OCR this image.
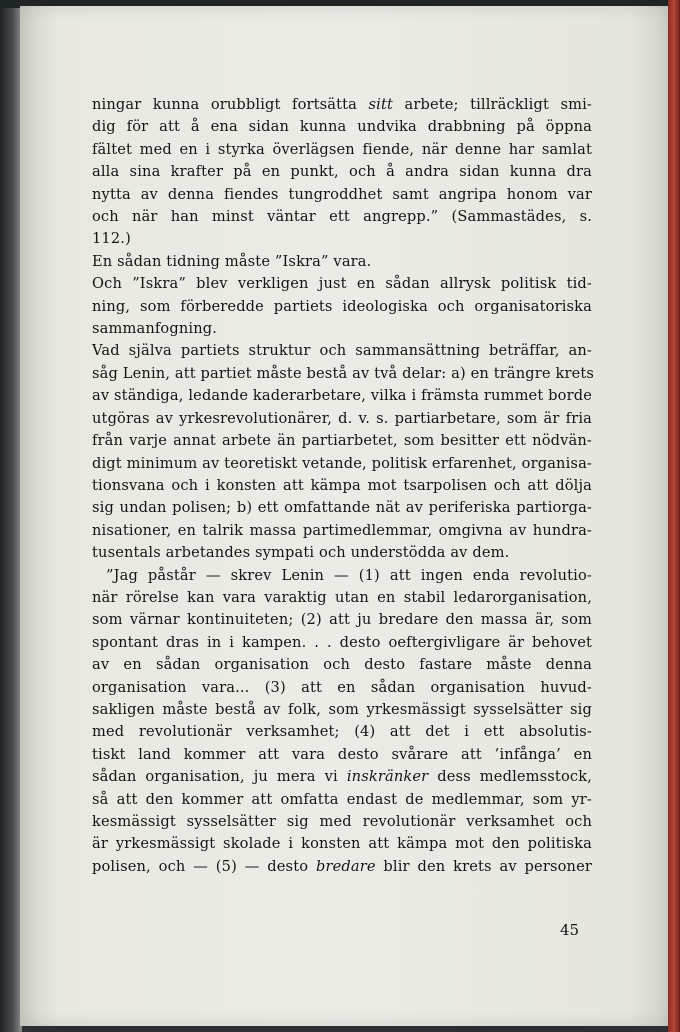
ningar kunna orubbligt fortsätta sitt arbete; tillräckligt smi-
dig för att å ena sidan kunna undvika drabbning på öppna
fältet med en i styrka överlägsen fiende, när denne har samlat
alla sina krafter på en punkt, och å andra sidan kunna dra
nytta av denna fiendes tungroddhet samt angripa honom var
och när han minst väntar ett angrepp.” (Sammastädes, s.
112.)
En sådan tidning måste ”Iskra” vara.
Och ”Iskra” blev verkligen just en sådan allrysk politisk tid-
ning, som förberedde partiets ideologiska och organisatoriska
sammanfogning.
Vad själva partiets struktur och sammansättning beträffar, an-
såg Lenin, att partiet måste bestå av två delar: a) en trängre krets
av ständiga, ledande kaderarbetare, vilka i främsta rummet borde
utgöras av yrkesrevolutionärer, d. v. s. partiarbetare, som är fria
från varje annat arbete än partiarbetet, som besitter ett nödvän-
digt minimum av teoretiskt vetande, politisk erfarenhet, organisa-
tionsvana och i konsten att kämpa mot tsarpolisen och att dölja
sig undan polisen; b) ett omfattande nät av periferiska partiorga-
nisationer, en talrik massa partimedlemmar, omgivna av hundra-
tusentals arbetandes sympati och understödda av dem.
”Jag påstår — skrev Lenin — (1) att ingen enda revolutio-
när rörelse kan vara varaktig utan en stabil ledarorganisation,
som värnar kontinuiteten; (2) att ju bredare den massa är, som
spontant dras in i kampen. . . desto oeftergivligare är behovet
av en sådan organisation och desto fastare måste denna
organisation vara... (3) att en sådan organisation huvud-
sakligen måste bestå av folk, som yrkesmässigt sysselsätter sig
med revolutionär verksamhet; (4) att det i ett absolutis-
tiskt land kommer att vara desto svårare att ’infånga’ en
sådan organisation, ju mera vi inskränker dess medlemsstock,
så att den kommer att omfatta endast de medlemmar, som yr-
kesmässigt sysselsätter sig med revolutionär verksamhet och
är yrkesmässigt skolade i konsten att kämpa mot den politiska
polisen, och — (5) — desto bredare blir den krets av personer
45
